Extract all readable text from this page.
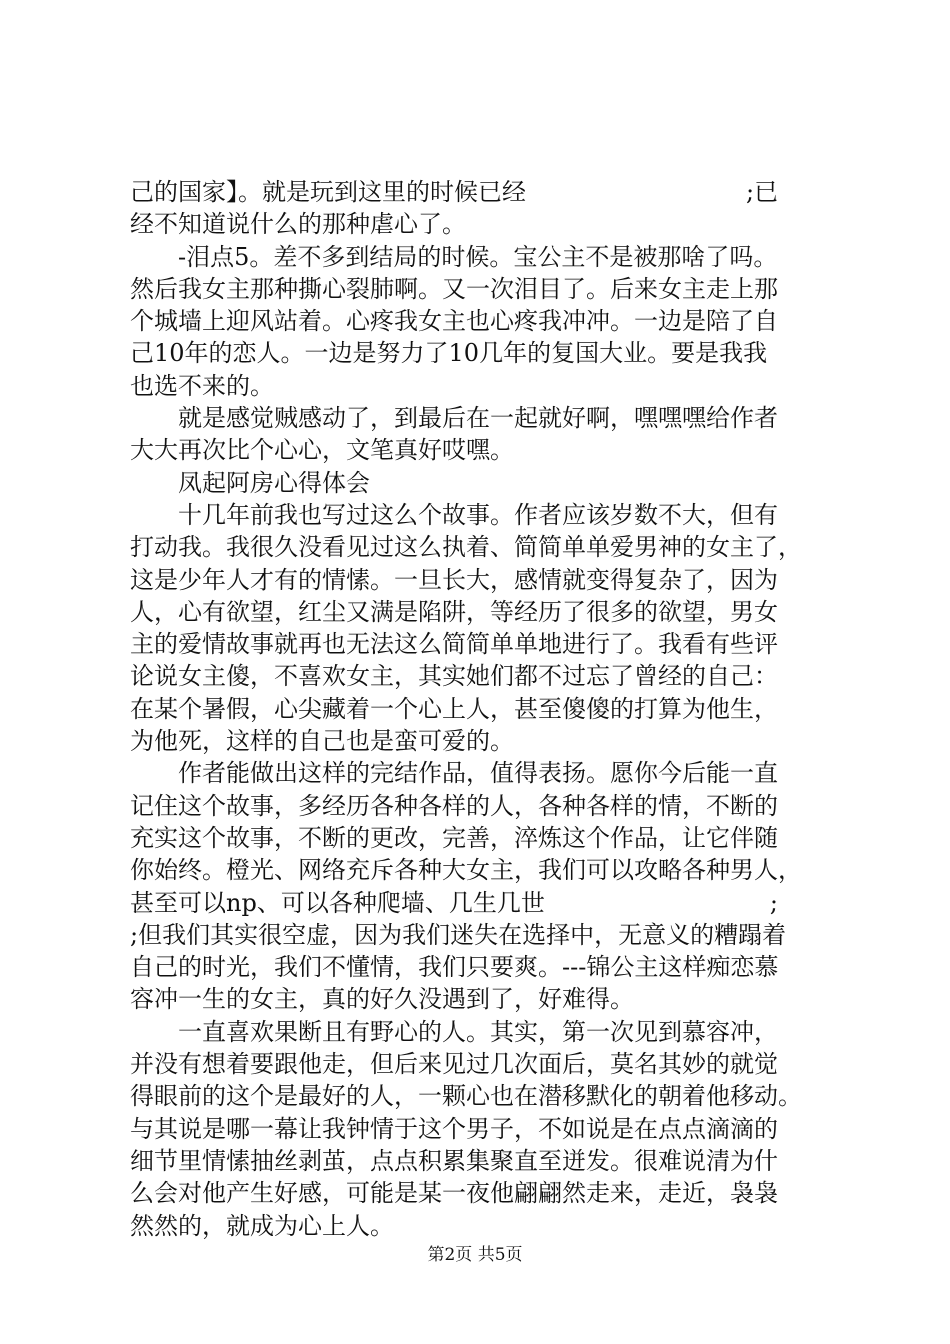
己的国家】。就是玩到这里的时候已经	;已
经不知道说什么的那种虐心了。

-泪点5。差不多到结局的时候。宝公主不是被那啥了吗。
然后我女主那种撕心裂肺啊。又一次泪目了。后来女主走上那
个城墙上迎风站着。心疼我女主也心疼我冲冲。一边是陪了自
己10年的恋人。一边是努力了10几年的复国大业。要是我我
也选不来的。

就是感觉贼感动了，到最后在一起就好啊，嘿嘿嘿给作者
大大再次比个心心，文笔真好哎嘿。

凤起阿房心得体会

十几年前我也写过这么个故事。作者应该岁数不大，但有
打动我。我很久没看见过这么执着、简简单单爱男神的女主了，
这是少年人才有的情愫。一旦长大，感情就变得复杂了，因为
人，心有欲望，红尘又满是陷阱，等经历了很多的欲望，男女
主的爱情故事就再也无法这么简简单单地进行了。我看有些评
论说女主傻，不喜欢女主，其实她们都不过忘了曾经的自己：
在某个暑假，心尖藏着一个心上人，甚至傻傻的打算为他生，
为他死，这样的自己也是蛮可爱的。

作者能做出这样的完结作品，值得表扬。愿你今后能一直
记住这个故事，多经历各种各样的人，各种各样的情，不断的
充实这个故事，不断的更改，完善，淬炼这个作品，让它伴随
你始终。橙光、网络充斥各种大女主，我们可以攻略各种男人，
甚至可以np、可以各种爬墙、几生几世	;
;但我们其实很空虚，因为我们迷失在选择中，无意义的糟蹋着
自己的时光，我们不懂情，我们只要爽。---锦公主这样痴恋慕
容冲一生的女主，真的好久没遇到了，好难得。

一直喜欢果断且有野心的人。其实，第一次见到慕容冲，
并没有想着要跟他走，但后来见过几次面后，莫名其妙的就觉
得眼前的这个是最好的人，一颗心也在潜移默化的朝着他移动。
与其说是哪一幕让我钟情于这个男子，不如说是在点点滴滴的
细节里情愫抽丝剥茧，点点积累集聚直至迸发。很难说清为什
么会对他产生好感，可能是某一夜他翩翩然走来，走近，袅袅
然然的，就成为心上人。

第2页 共5页
